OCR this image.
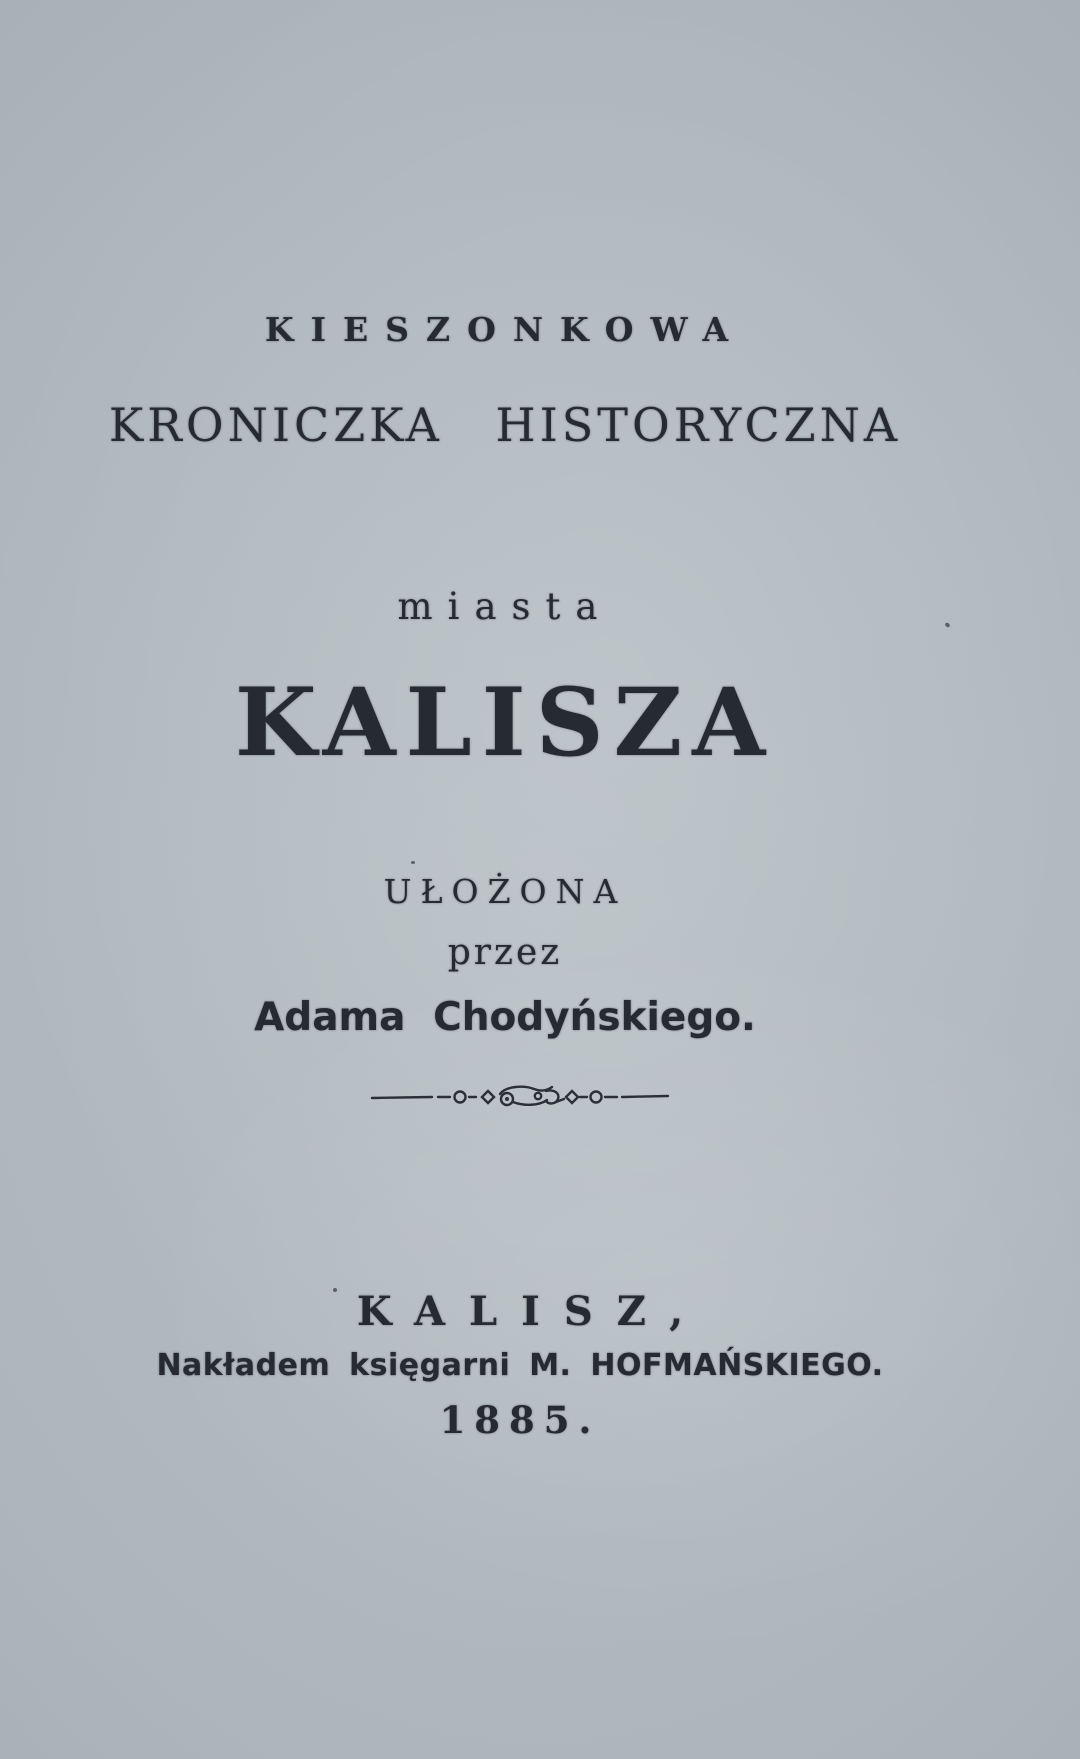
KIESZONKOWA
KRONICZKA HISTORYCZNA
miasta
KALISZA
UŁOŻONA
przez
Adama Chodyńskiego.
KALISZ,
Nakładem księgarni M. HOFMAŃSKIEGO.
1885.
